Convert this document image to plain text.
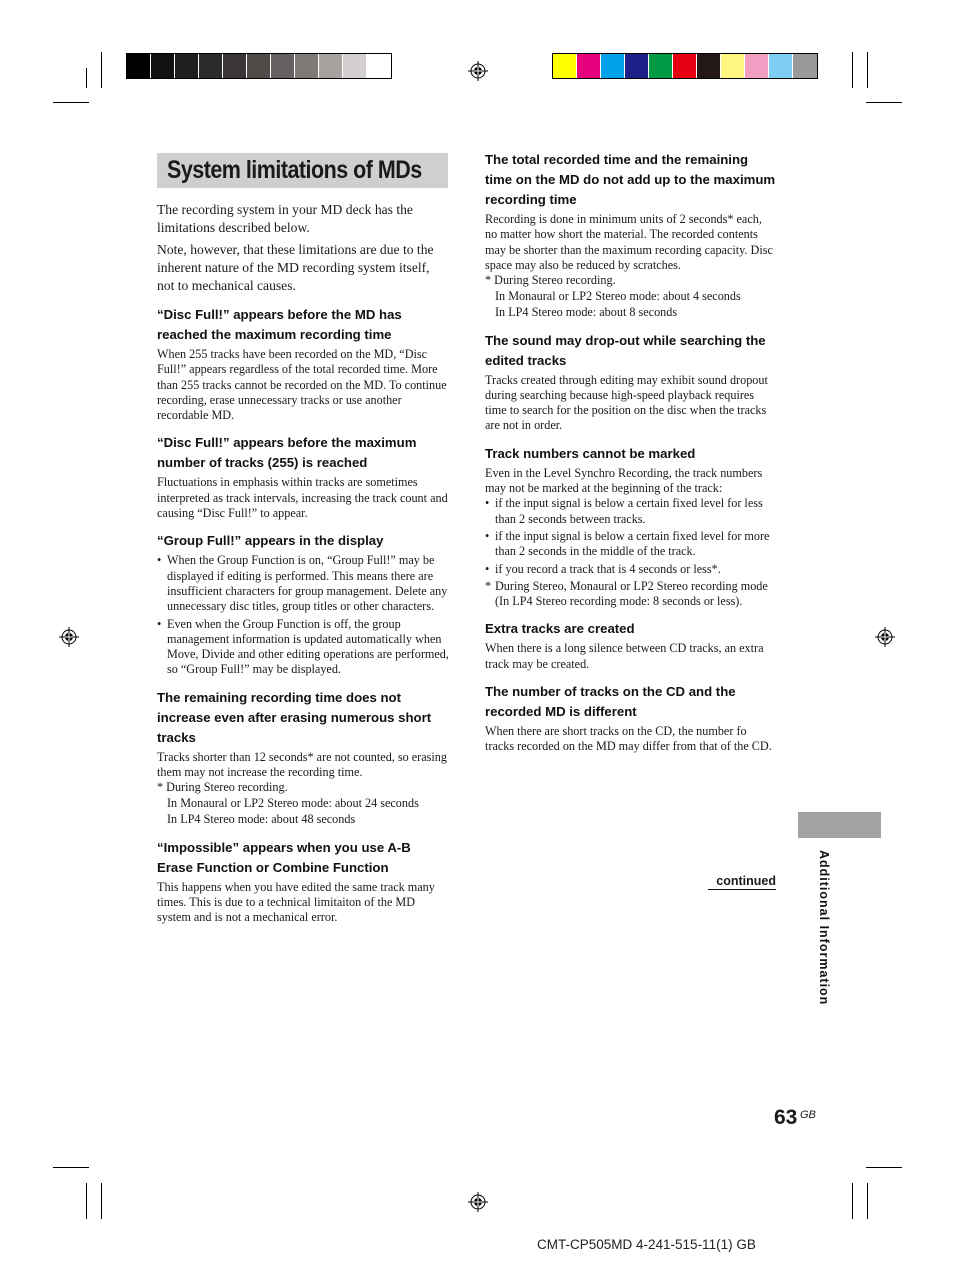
System limitations of MDs

The recording system in your MD deck has the limitations described below.

Note, however, that these limitations are due to the inherent nature of the MD recording system itself, not to mechanical causes.

“Disc Full!” appears before the MD has reached the maximum recording time

When 255 tracks have been recorded on the MD, “Disc Full!” appears regardless of the total recorded time. More than 255 tracks cannot be recorded on the MD. To continue recording, erase unnecessary tracks or use another recordable MD.

“Disc Full!” appears before the maximum number of tracks (255) is reached

Fluctuations in emphasis within tracks are sometimes interpreted as track intervals, increasing the track count and causing “Disc Full!” to appear.

“Group Full!” appears in the display
• When the Group Function is on, “Group Full!” may be displayed if editing is performed. This means there are insufficient characters for group management. Delete any unnecessary disc titles, group titles or other characters.
• Even when the Group Function is off, the group management information is updated automatically when Move, Divide and other editing operations are performed, so “Group Full!” may be displayed.
The remaining recording time does not increase even after erasing numerous short tracks

Tracks shorter than 12 seconds* are not counted, so erasing them may not increase the recording time.

* During Stereo recording.

In Monaural or LP2 Stereo mode: about 24 seconds

In LP4 Stereo mode: about 48 seconds

“Impossible” appears when you use A-B Erase Function or Combine Function

This happens when you have edited the same track many times. This is due to a technical limitaiton of the MD system and is not a mechanical error.

The total recorded time and the remaining time on the MD do not add up to the maximum recording time

Recording is done in minimum units of 2 seconds* each, no matter how short the material. The recorded contents may be shorter than the maximum recording capacity. Disc space may also be reduced by scratches.

* During Stereo recording.

In Monaural or LP2 Stereo mode: about 4 seconds

In LP4 Stereo mode: about 8 seconds

The sound may drop-out while searching the edited tracks

Tracks created through editing may exhibit sound dropout during searching because high-speed playback requires time to search for the position on the disc when the tracks are not in order.

Track numbers cannot be marked

Even in the Level Synchro Recording, the track numbers may not be marked at the beginning of the track:

• if the input signal is below a certain fixed level for less than 2 seconds between tracks.
• if the input signal is below a certain fixed level for more than 2 seconds in the middle of the track.
• if you record a track that is 4 seconds or less*.
* During Stereo, Monaural or LP2 Stereo recording mode (In LP4 Stereo recording mode: 8 seconds or less).
Extra tracks are created

When there is a long silence between CD tracks, an extra track may be created.

The number of tracks on the CD and the recorded MD is different

When there are short tracks on the CD, the number fo tracks recorded on the MD may differ from that of the CD.

continued	Additional Information
63 GB
CMT-CP505MD 4-241-515-11(1) GB
